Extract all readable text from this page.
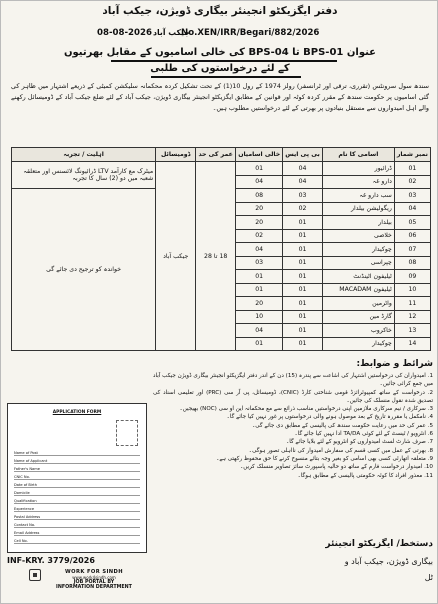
دفتر ایگزیکٹو انجینئر بیگاری ڈویژن، جیکب آباد
No.XEN/IRR/Begari/882/2026
جیکب آباد
08-08-2026
عنوان BPS-01 تا BPS-04 کی خالی اسامیوں کے مقابل بھرتیوں
کے لئے درخواستوں کی طلبی
سندھ سول سرونٹس (تقرری، ترقی اور ٹرانسفر) رولز 1974 کے رول 10(1) کے تحت تشکیل کردہ محکمانہ سلیکشن کمیٹی کے ذریعے اشتہار میں ظاہر کی گئی اسامیوں پر حکومت سندھ کے مقرر کردہ کوٹہ اور قوانین کے مطابق ایگزیکٹو انجینئر بیگاری ڈویژن، جیکب آباد کے لئے ضلع جیکب آباد کے ڈومیسائل رکھنے والے اہل امیدواروں سے مستقل بنیادوں پر بھرتی کے لئے درخواستیں مطلوب ہیں۔
نمبر شمار	اسامی کا نام	بی پی ایس	خالی اسامیاں	عمر کی حد	ڈومیسائل	اہلیت / تجربہ
01	ڈرائیور	04	01	18 تا 28	جیکب آباد	میٹرک مع کارآمد LTV ڈرائیونگ لائسنس اور متعلقہ شعبہ میں دو (2) سال کا تجربہ
02	دارو غہ	04	04			
03	سب دارو غہ	03	08			خواندہ کو ترجیح دی جائے گی
04	ریگولیشن بیلدار	02	20			
05	بیلدار	01	20			
06	خلاصی	01	02			
07	چوکیدار	01	04			
08	چپراسی	01	03			
09	ٹیلیفون اٹینڈنٹ	01	01			
10	ٹیلیفون MACADAM	01	01			
11	واٹرمین	01	20			
12	گارڈ مین	01	10			
13	خاکروب	01	04			
14	چوکیدار	01	01			
شرائط و ضوابط:
1. امیدواران کی درخواستیں اشتہار کی اشاعت سے پندرہ (15) دن کے اندر دفتر ایگزیکٹو انجینئر بیگاری ڈویژن جیکب آباد میں جمع کرائی جائیں۔
2. درخواست کے ساتھ کمپیوٹرائزڈ قومی شناختی کارڈ (CNIC)، ڈومیسائل، پی آر سی (PRC) اور تعلیمی اسناد کی تصدیق شدہ نقول منسلک کی جائیں۔
3. سرکاری / نیم سرکاری ملازمین اپنی درخواستیں مناسب ذرائع سے مع محکمانہ این او سی (NOC) بھیجیں۔
4. نامکمل یا مقررہ تاریخ کے بعد موصول ہونے والی درخواستوں پر غور نہیں کیا جائے گا۔
5. عمر کی حد میں رعایت حکومت سندھ کی پالیسی کے مطابق دی جائے گی۔
6. انٹرویو / ٹیسٹ کے لئے کوئی TA/DA ادا نہیں کیا جائے گا۔
7. صرف شارٹ لسٹ امیدواروں کو انٹرویو کے لئے بلایا جائے گا۔
8. بھرتی کے عمل میں کسی قسم کی سفارش امیدوار کی نااہلی تصور ہوگی۔
9. متعلقہ اتھارٹی کسی بھی اسامی کو بغیر وجہ بتائے منسوخ کرنے کا حق محفوظ رکھتی ہے۔
10. امیدوار درخواست فارم کے ساتھ دو حالیہ پاسپورٹ سائز تصاویر منسلک کریں۔
11. معذور افراد کا کوٹہ حکومتی پالیسی کے مطابق ہوگا۔
APPLICATION FORM
Name of Post
Name of Applicant
Father's Name
CNIC No.
Date of Birth
Domicile
Qualification
Experience
Postal Address
Contact No.
Email Address
Cell No.	دستخط/ ایگزیکٹو انجینئر
بیگاری ڈویژن، جیکب آباد و
ٹل
INF-KRY. 3779/2026
WORK FOR SINDH
www.work4sindh.com
JOB PORTAL BY
INFORMATION DEPARTMENT
